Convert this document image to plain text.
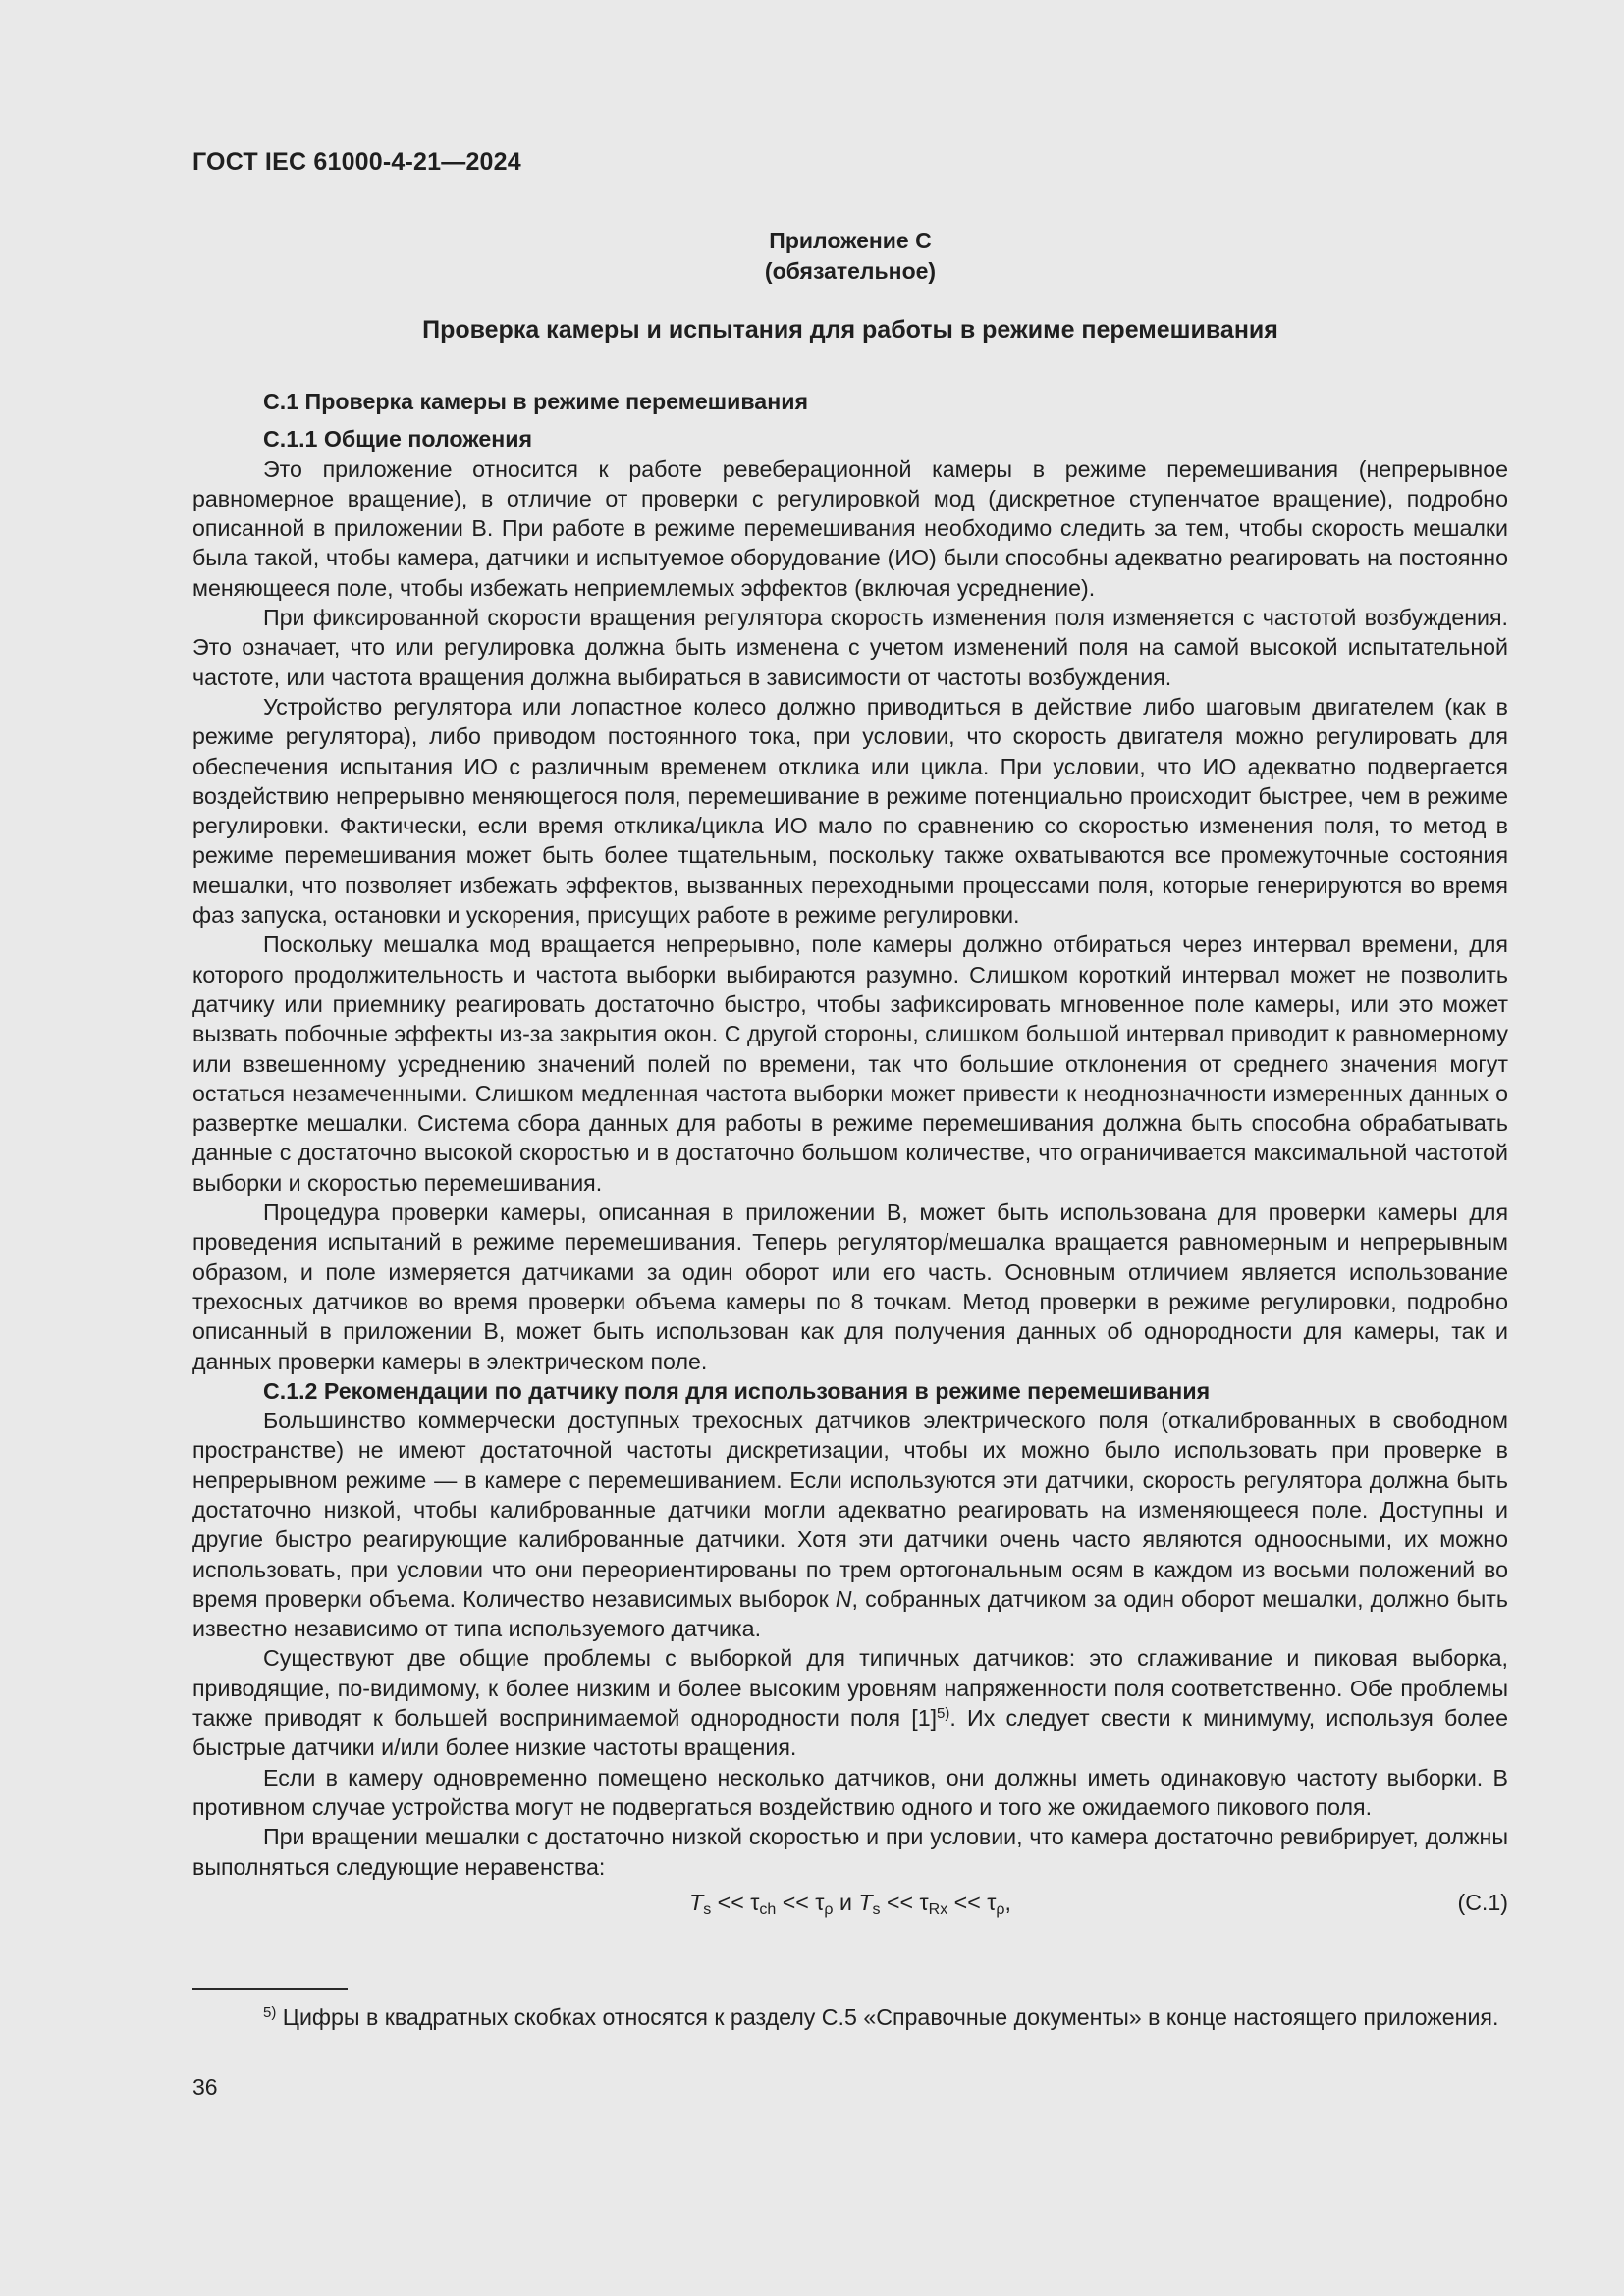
ГОСТ IEC 61000-4-21—2024
Приложение С
(обязательное)
Проверка камеры и испытания для работы в режиме перемешивания
С.1 Проверка камеры в режиме перемешивания
С.1.1 Общие положения

Это приложение относится к работе ревеберационной камеры в режиме перемешивания (непрерывное равномерное вращение), в отличие от проверки с регулировкой мод (дискретное ступенчатое вращение), подробно описанной в приложении В. При работе в режиме перемешивания необходимо следить за тем, чтобы скорость мешалки была такой, чтобы камера, датчики и испытуемое оборудование (ИО) были способны адекватно реагировать на постоянно меняющееся поле, чтобы избежать неприемлемых эффектов (включая усреднение).

При фиксированной скорости вращения регулятора скорость изменения поля изменяется с частотой возбуждения. Это означает, что или регулировка должна быть изменена с учетом изменений поля на самой высокой испытательной частоте, или частота вращения должна выбираться в зависимости от частоты возбуждения.

Устройство регулятора или лопастное колесо должно приводиться в действие либо шаговым двигателем (как в режиме регулятора), либо приводом постоянного тока, при условии, что скорость двигателя можно регулировать для обеспечения испытания ИО с различным временем отклика или цикла. При условии, что ИО адекватно подвергается воздействию непрерывно меняющегося поля, перемешивание в режиме потенциально происходит быстрее, чем в режиме регулировки. Фактически, если время отклика/цикла ИО мало по сравнению со скоростью изменения поля, то метод в режиме перемешивания может быть более тщательным, поскольку также охватываются все промежуточные состояния мешалки, что позволяет избежать эффектов, вызванных переходными процессами поля, которые генерируются во время фаз запуска, остановки и ускорения, присущих работе в режиме регулировки.

Поскольку мешалка мод вращается непрерывно, поле камеры должно отбираться через интервал времени, для которого продолжительность и частота выборки выбираются разумно. Слишком короткий интервал может не позволить датчику или приемнику реагировать достаточно быстро, чтобы зафиксировать мгновенное поле камеры, или это может вызвать побочные эффекты из-за закрытия окон. С другой стороны, слишком большой интервал приводит к равномерному или взвешенному усреднению значений полей по времени, так что большие отклонения от среднего значения могут остаться незамеченными. Слишком медленная частота выборки может привести к неоднозначности измеренных данных о развертке мешалки. Система сбора данных для работы в режиме перемешивания должна быть способна обрабатывать данные с достаточно высокой скоростью и в достаточно большом количестве, что ограничивается максимальной частотой выборки и скоростью перемешивания.

Процедура проверки камеры, описанная в приложении В, может быть использована для проверки камеры для проведения испытаний в режиме перемешивания. Теперь регулятор/мешалка вращается равномерным и непрерывным образом, и поле измеряется датчиками за один оборот или его часть. Основным отличием является использование трехосных датчиков во время проверки объема камеры по 8 точкам. Метод проверки в режиме регулировки, подробно описанный в приложении В, может быть использован как для получения данных об однородности для камеры, так и данных проверки камеры в электрическом поле.

С.1.2 Рекомендации по датчику поля для использования в режиме перемешивания

Большинство коммерчески доступных трехосных датчиков электрического поля (откалиброванных в свободном пространстве) не имеют достаточной частоты дискретизации, чтобы их можно было использовать при проверке в непрерывном режиме — в камере с перемешиванием. Если используются эти датчики, скорость регулятора должна быть достаточно низкой, чтобы калиброванные датчики могли адекватно реагировать на изменяющееся поле. Доступны и другие быстро реагирующие калиброванные датчики. Хотя эти датчики очень часто являются одноосными, их можно использовать, при условии что они переориентированы по трем ортогональным осям в каждом из восьми положений во время проверки объема. Количество независимых выборок N, собранных датчиком за один оборот мешалки, должно быть известно независимо от типа используемого датчика.

Существуют две общие проблемы с выборкой для типичных датчиков: это сглаживание и пиковая выборка, приводящие, по-видимому, к более низким и более высоким уровням напряженности поля соответственно. Обе проблемы также приводят к большей воспринимаемой однородности поля $[1]^{5)}$. Их следует свести к минимуму, используя более быстрые датчики и/или более низкие частоты вращения.

Если в камеру одновременно помещено несколько датчиков, они должны иметь одинаковую частоту выборки. В противном случае устройства могут не подвергаться воздействию одного и того же ожидаемого пикового поля.

При вращении мешалки с достаточно низкой скоростью и при условии, что камера достаточно ревибрирует, должны выполняться следующие неравенства:

$T_s << \tau_{ch} << \tau_\rho$ и $T_s << \tau_{Rx} << \tau_\rho$,	(С.1)
$^{5)}$ Цифры в квадратных скобках относятся к разделу С.5 «Справочные документы» в конце настоящего приложения.
36
